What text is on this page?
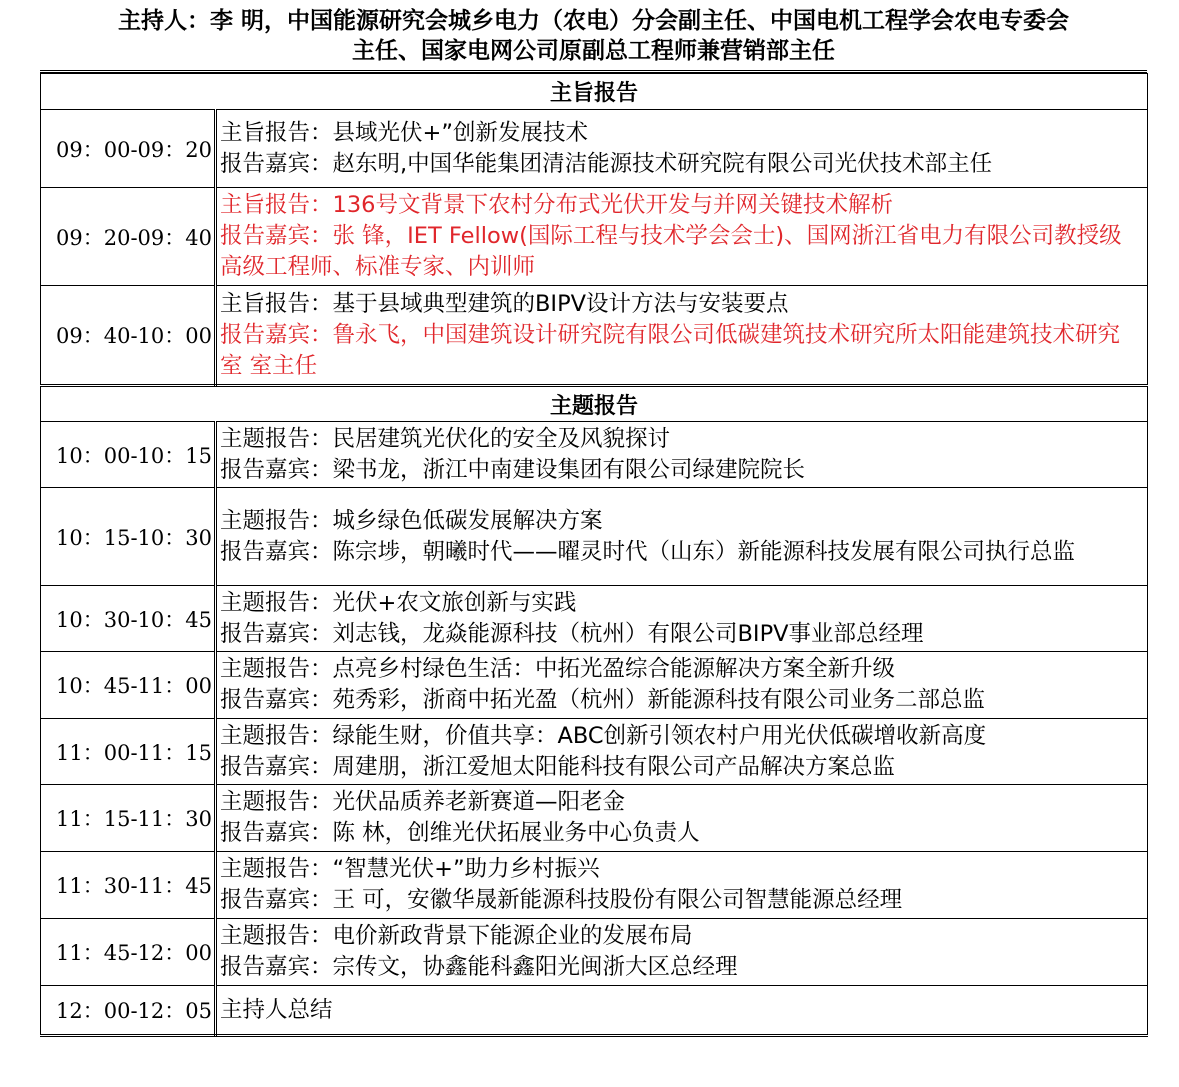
主持人：李 明，中国能源研究会城乡电力（农电）分会副主任、中国电机工程学会农电专委会
主任、国家电网公司原副总工程师兼营销部主任
主旨报告	
09：00-09：20	主旨报告：县域光伏+”创新发展技术
报告嘉宾：赵东明,中国华能集团清洁能源技术研究院有限公司光伏技术部主任

09：20-09：40	主旨报告：136号文背景下农村分布式光伏开发与并网关键技术解析
报告嘉宾：张 锋，IET Fellow(国际工程与技术学会会士)、国网浙江省电力有限公司教授级高级工程师、标准专家、内训师

09：40-10：00	主旨报告：基于县域典型建筑的BIPV设计方法与安装要点
报告嘉宾：鲁永飞，中国建筑设计研究院有限公司低碳建筑技术研究所太阳能建筑技术研究室 室主任

主题报告	
10：00-10：15	主题报告：民居建筑光伏化的安全及风貌探讨
报告嘉宾：梁书龙，浙江中南建设集团有限公司绿建院院长

10：15-10：30	主题报告：城乡绿色低碳发展解决方案
报告嘉宾：陈宗埗，朝曦时代——曜灵时代（山东）新能源科技发展有限公司执行总监

10：30-10：45	主题报告：光伏+农文旅创新与实践
报告嘉宾：刘志钱，龙焱能源科技（杭州）有限公司BIPV事业部总经理

10：45-11：00	主题报告：点亮乡村绿色生活：中拓光盈综合能源解决方案全新升级
报告嘉宾：苑秀彩，浙商中拓光盈（杭州）新能源科技有限公司业务二部总监

11：00-11：15	主题报告：绿能生财，价值共享：ABC创新引领农村户用光伏低碳增收新高度
报告嘉宾：周建朋，浙江爱旭太阳能科技有限公司产品解决方案总监

11：15-11：30	主题报告：光伏品质养老新赛道—阳老金
报告嘉宾：陈 林，创维光伏拓展业务中心负责人

11：30-11：45	主题报告：“智慧光伏+”助力乡村振兴
报告嘉宾：王 可，安徽华晟新能源科技股份有限公司智慧能源总经理

11：45-12：00	主题报告：电价新政背景下能源企业的发展布局
报告嘉宾：宗传文，协鑫能科鑫阳光闽浙大区总经理

12：00-12：05	主持人总结
